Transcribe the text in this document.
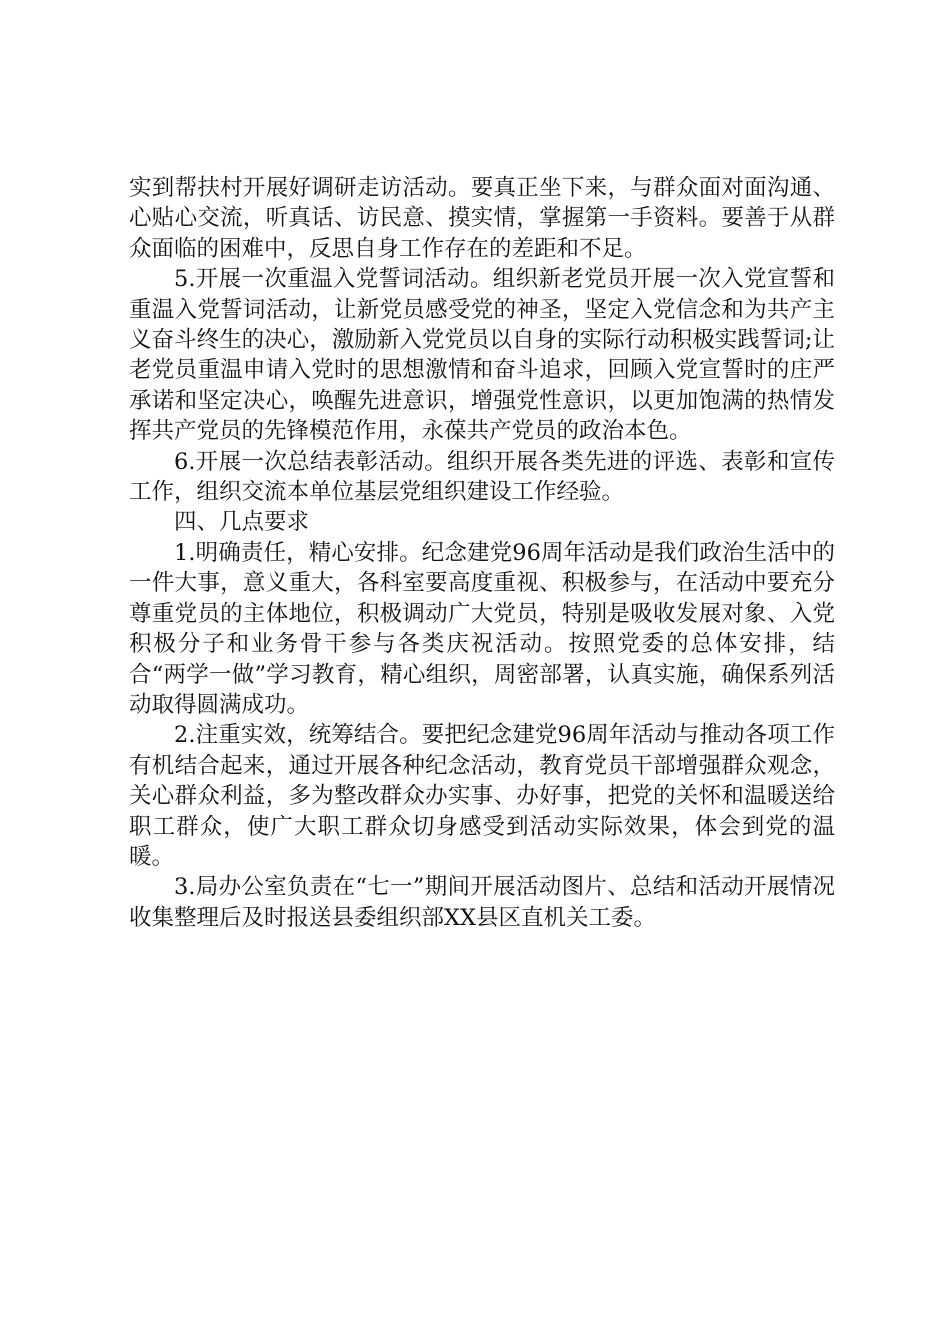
实到帮扶村开展好调研走访活动。要真正坐下来，与群众面对面沟通、心贴心交流，听真话、访民意、摸实情，掌握第一手资料。要善于从群众面临的困难中，反思自身工作存在的差距和不足。

5.开展一次重温入党誓词活动。组织新老党员开展一次入党宣誓和重温入党誓词活动，让新党员感受党的神圣，坚定入党信念和为共产主义奋斗终生的决心，激励新入党党员以自身的实际行动积极实践誓词;让老党员重温申请入党时的思想激情和奋斗追求，回顾入党宣誓时的庄严承诺和坚定决心，唤醒先进意识，增强党性意识，以更加饱满的热情发挥共产党员的先锋模范作用，永葆共产党员的政治本色。

6.开展一次总结表彰活动。组织开展各类先进的评选、表彰和宣传工作，组织交流本单位基层党组织建设工作经验。

四、几点要求

1.明确责任，精心安排。纪念建党96周年活动是我们政治生活中的一件大事，意义重大，各科室要高度重视、积极参与，在活动中要充分尊重党员的主体地位，积极调动广大党员，特别是吸收发展对象、入党积极分子和业务骨干参与各类庆祝活动。按照党委的总体安排，结合“两学一做”学习教育，精心组织，周密部署，认真实施，确保系列活动取得圆满成功。

2.注重实效，统筹结合。要把纪念建党96周年活动与推动各项工作有机结合起来，通过开展各种纪念活动，教育党员干部增强群众观念，关心群众利益，多为整改群众办实事、办好事，把党的关怀和温暖送给职工群众，使广大职工群众切身感受到活动实际效果，体会到党的温暖。

3.局办公室负责在“七一”期间开展活动图片、总结和活动开展情况收集整理后及时报送县委组织部XX县区直机关工委。
